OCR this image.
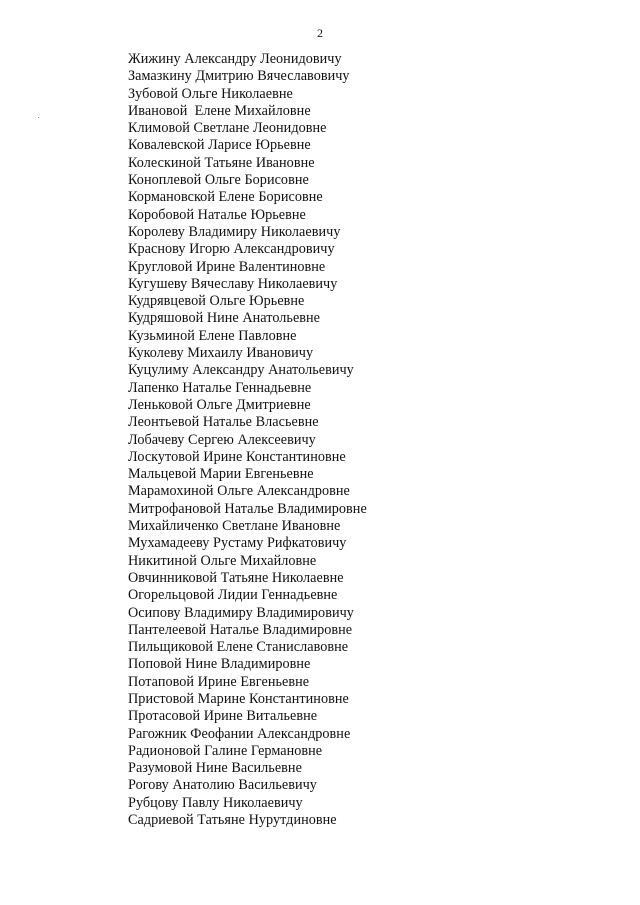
2
Жижину Александру Леонидовичу
Замазкину Дмитрию Вячеславовичу
Зубовой Ольге Николаевне
Ивановой  Елене Михайловне
Климовой Светлане Леонидовне
Ковалевской Ларисе Юрьевне
Колескиной Татьяне Ивановне
Коноплевой Ольге Борисовне
Кормановской Елене Борисовне
Коробовой Наталье Юрьевне
Королеву Владимиру Николаевичу
Краснову Игорю Александровичу
Кругловой Ирине Валентиновне
Кугушеву Вячеславу Николаевичу
Кудрявцевой Ольге Юрьевне
Кудряшовой Нине Анатольевне
Кузьминой Елене Павловне
Куколеву Михаилу Ивановичу
Куцулиму Александру Анатольевичу
Лапенко Наталье Геннадьевне
Леньковой Ольге Дмитриевне
Леонтьевой Наталье Власьевне
Лобачеву Сергею Алексеевичу
Лоскутовой Ирине Константиновне
Мальцевой Марии Евгеньевне
Марамохиной Ольге Александровне
Митрофановой Наталье Владимировне
Михайличенко Светлане Ивановне
Мухамадееву Рустаму Рифкатовичу
Никитиной Ольге Михайловне
Овчинниковой Татьяне Николаевне
Огорельцовой Лидии Геннадьевне
Осипову Владимиру Владимировичу
Пантелеевой Наталье Владимировне
Пильщиковой Елене Станиславовне
Поповой Нине Владимировне
Потаповой Ирине Евгеньевне
Пристовой Марине Константиновне
Протасовой Ирине Витальевне
Рагожник Феофании Александровне
Радионовой Галине Германовне
Разумовой Нине Васильевне
Рогову Анатолию Васильевичу
Рубцову Павлу Николаевичу
Садриевой Татьяне Нурутдиновне
